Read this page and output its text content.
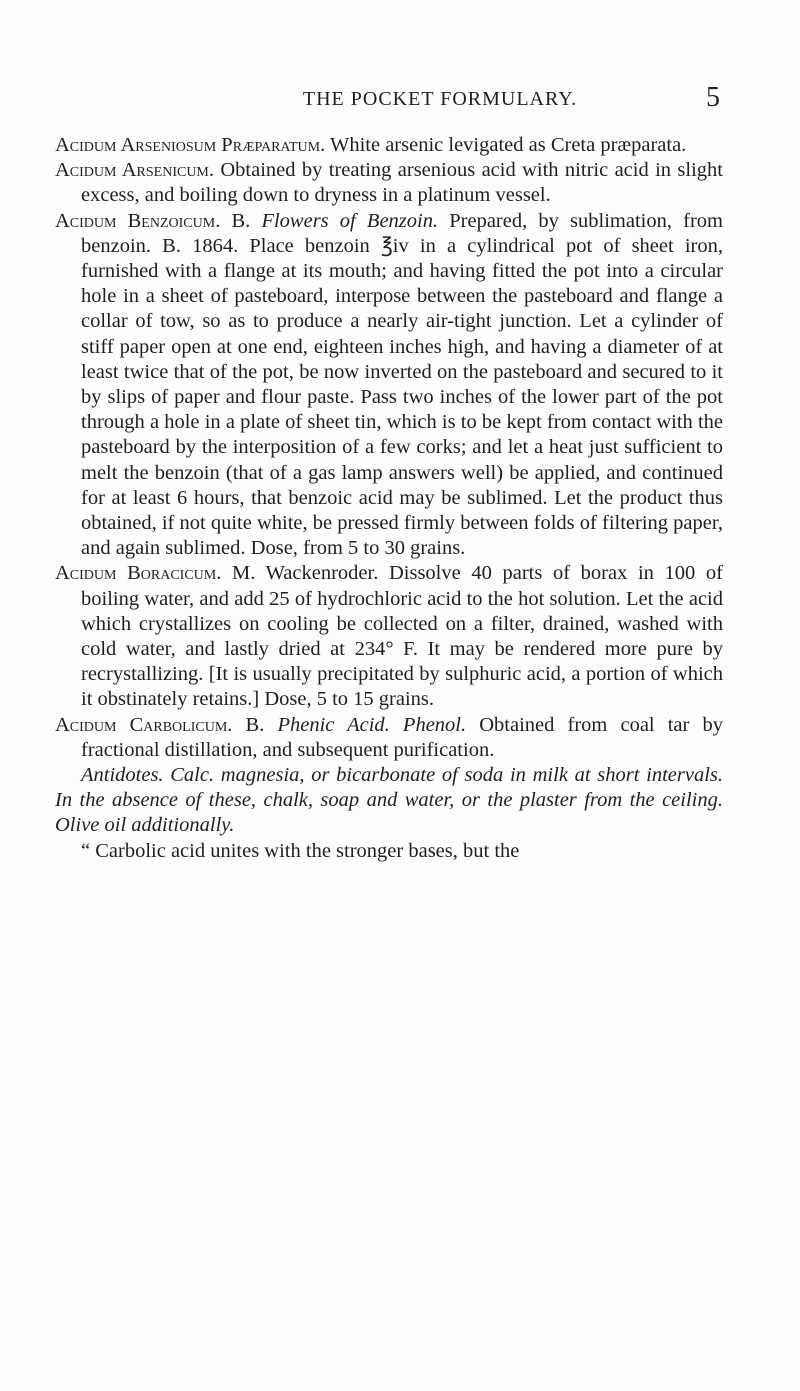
THE POCKET FORMULARY.	5

Acidum Arseniosum Præparatum. White arsenic levigated as Creta præparata.

Acidum Arsenicum. Obtained by treating arsenious acid with nitric acid in slight excess, and boiling down to dryness in a platinum vessel.

Acidum Benzoicum. B. Flowers of Benzoin. Prepared, by sublimation, from benzoin. B. 1864. Place benzoin ℥iv in a cylindrical pot of sheet iron, furnished with a flange at its mouth; and having fitted the pot into a circular hole in a sheet of pasteboard, interpose between the pasteboard and flange a collar of tow, so as to produce a nearly air-tight junction. Let a cylinder of stiff paper open at one end, eighteen inches high, and having a diameter of at least twice that of the pot, be now inverted on the pasteboard and secured to it by slips of paper and flour paste. Pass two inches of the lower part of the pot through a hole in a plate of sheet tin, which is to be kept from contact with the pasteboard by the interposition of a few corks; and let a heat just sufficient to melt the benzoin (that of a gas lamp answers well) be applied, and continued for at least 6 hours, that benzoic acid may be sublimed. Let the product thus obtained, if not quite white, be pressed firmly between folds of filtering paper, and again sublimed. Dose, from 5 to 30 grains.

Acidum Boracicum. M. Wackenroder. Dissolve 40 parts of borax in 100 of boiling water, and add 25 of hydrochloric acid to the hot solution. Let the acid which crystallizes on cooling be collected on a filter, drained, washed with cold water, and lastly dried at 234° F. It may be rendered more pure by recrystallizing. [It is usually precipitated by sulphuric acid, a portion of which it obstinately retains.] Dose, 5 to 15 grains.

Acidum Carbolicum. B. Phenic Acid. Phenol. Obtained from coal tar by fractional distillation, and subsequent purification.

Antidotes. Calc. magnesia, or bicarbonate of soda in milk at short intervals. In the absence of these, chalk, soap and water, or the plaster from the ceiling. Olive oil additionally.

“ Carbolic acid unites with the stronger bases, but the
